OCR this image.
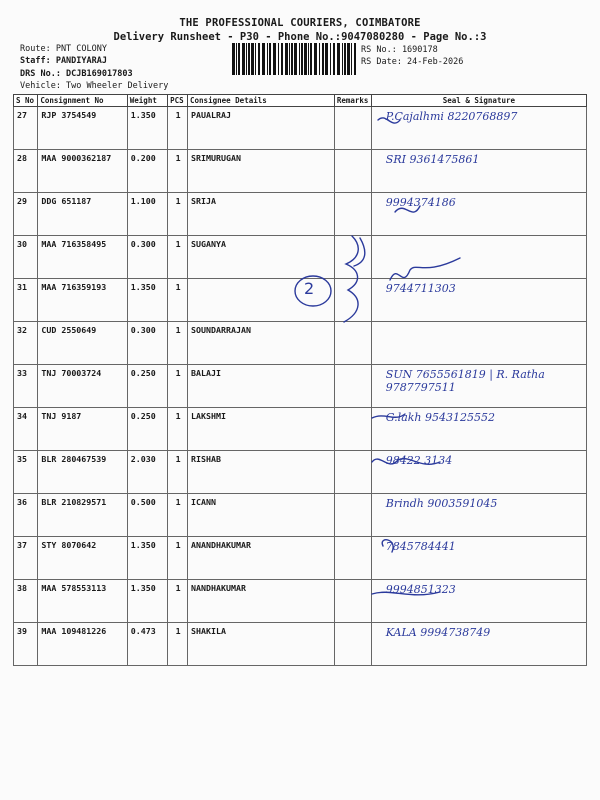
THE PROFESSIONAL COURIERS, COIMBATORE
Delivery Runsheet - P30 - Phone No.:9047080280 - Page No.:3
Route: PNT COLONY
Staff: PANDIYARAJ
DRS No.: DCJB169017803
Vehicle: Two Wheeler Delivery
RS No.: 1690178
RS Date: 24-Feb-2026
S No	Consignment No	Weight	PCS	Consignee Details	Remarks	Seal & Signature
27	RJP 3754549	1.350	1	PAUALRAJ		P.Cajalhmi 8220768897
28	MAA 9000362187	0.200	1	SRIMURUGAN		SRI 9361475861
29	DDG 651187	1.100	1	SRIJA		9994374186
30	MAA 716358495	0.300	1	SUGANYA		
31	MAA 716359193	1.350	1			9744711303
32	CUD 2550649	0.300	1	SOUNDARRAJAN		
33	TNJ 70003724	0.250	1	BALAJI		SUN 7655561819 | R. Ratha 9787797511
34	TNJ 9187	0.250	1	LAKSHMI		G.lakh 9543125552
35	BLR 280467539	2.030	1	RISHAB		98422 3134
36	BLR 210829571	0.500	1	ICANN		Brindh 9003591045
37	STY 8070642	1.350	1	ANANDHAKUMAR		7845784441
38	MAA 578553113	1.350	1	NANDHAKUMAR		9994851323
39	MAA 109481226	0.473	1	SHAKILA		KALA 9994738749
2
